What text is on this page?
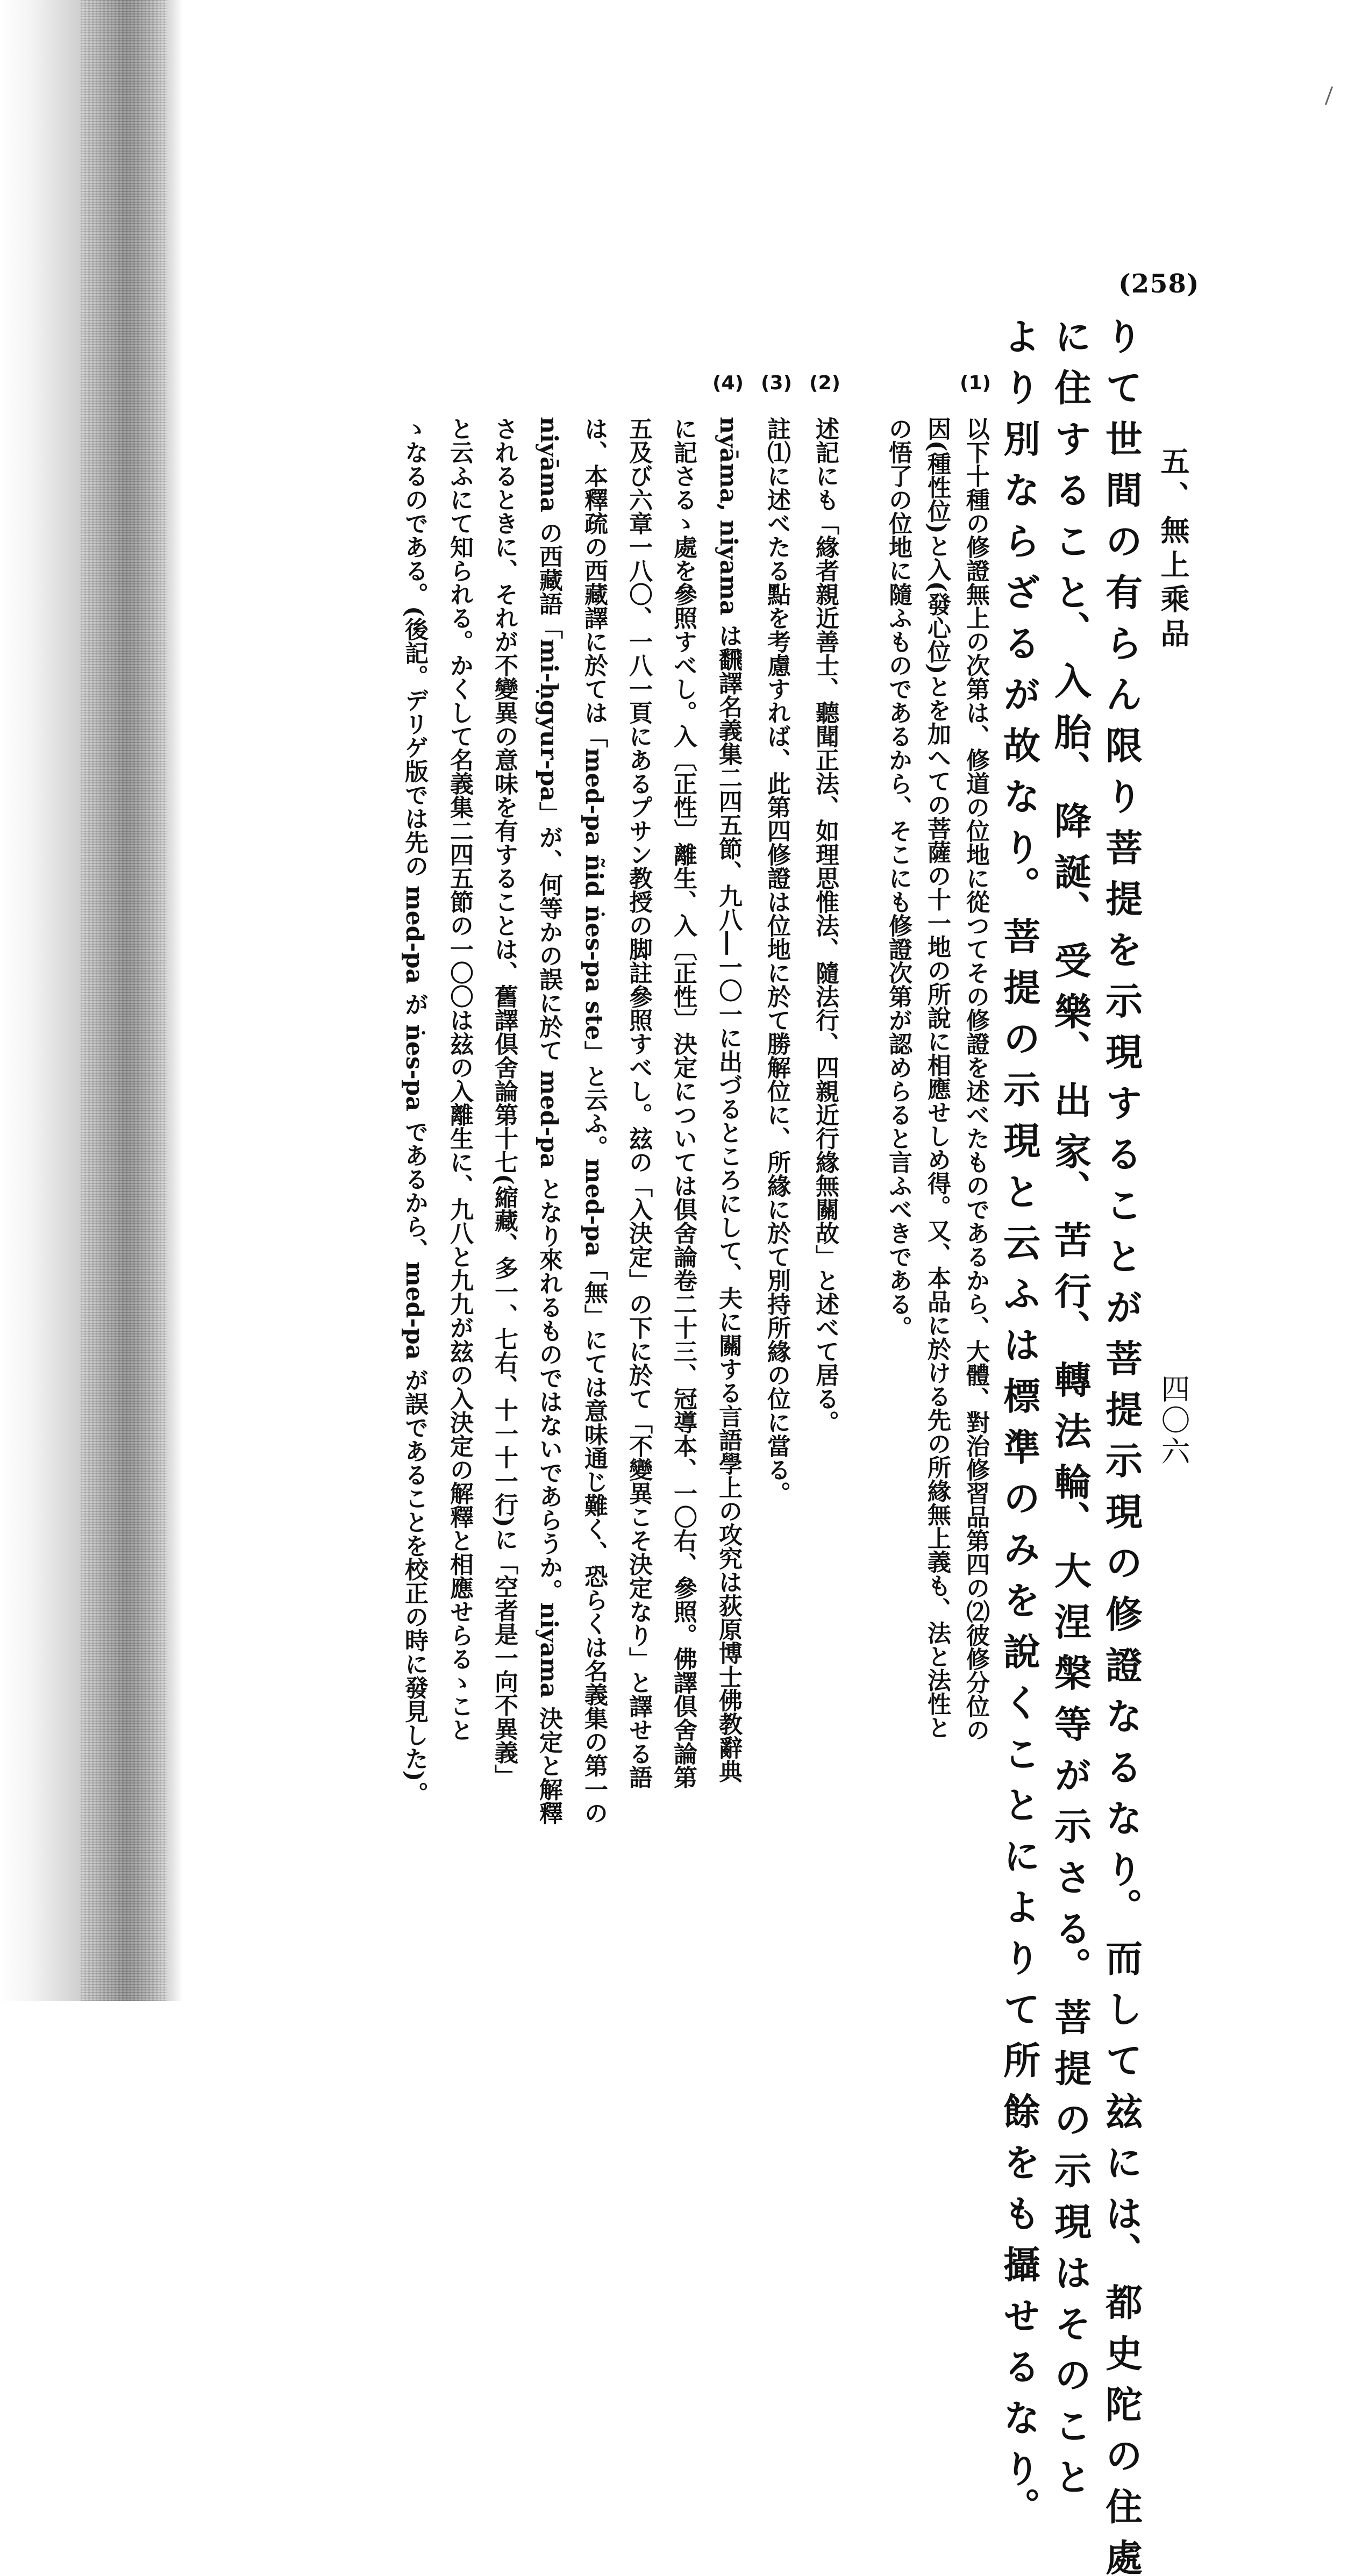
(258)
五、無上乘品
四〇六
り て 世 間 の 有 ら ん 限 り 菩 提 を 示 現 す る こ と が 菩 提 示 現 の 修 證 な る な り。 而 し て 玆 に は、 都 史 陀 の 住 處
に 住 す る こ と、 入 胎、 降 誕、 受 樂、 出 家、 苦 行、 轉 法 輪、 大 涅 槃 等 が 示 さ る。 菩 提 の 示 現 は そ の こ と
よ り 別 な ら ざ る が 故 な り。 菩 提 の 示 現 と 云 ふ は 標 準 の み を 說 く こ と に よ り て 所 餘 を も 攝 せ る な り。
(1)
以下十種の修證無上の次第は、修道の位地に從つてその修證を述べたものであるから、大體、對治修習品第四の⑵彼修分位の
因(種性位)と入(發心位)とを加へての菩薩の十一地の所說に相應せしめ得。又、本品に於ける先の所緣無上義も、法と法性と
の悟了の位地に隨ふものであるから、そこにも修證次第が認めらると言ふべきである。
(2)
述記にも「緣者親近善士、聽聞正法、如理思惟法、隨法行、四親近行緣無關故」と述べて居る。
(3)
註⑴に述べたる點を考慮すれば、此第四修證は位地に於て勝解位に、所緣に於て別持所緣の位に當る。
(4)
nyāma, niyama は飜譯名義集二四五節、九八―一〇一に出づるところにして、夫に關する言語學上の攻究は荻原博士佛教辭典
に記さるゝ處を參照すべし。入〔正性〕離生、入〔正性〕決定については倶舍論卷二十三、冠導本、一〇右、參照。佛譯倶舍論第
五及び六章一八〇、一八一頁にあるプサン教授の脚註參照すべし。玆の「入決定」の下に於て「不變異こそ決定なり」と譯せる語
は、本釋疏の西藏譯に於ては「med-pa ñid ṅes-pa ste」と云ふ。med-pa「無」にては意味通じ難く、恐らくは名義集の第一の
niyāma の西藏語「mi-ḥgyur-pa」が、何等かの誤に於て med-pa となり來れるものではないであらうか。niyama 決定と解釋
されるときに、それが不變異の意味を有することは、舊譯倶舍論第十七(縮藏、多一、七右、十一十一行)に「空者是一向不異義」
と云ふにて知られる。かくして名義集二四五節の一〇〇は玆の入離生に、九八と九九が玆の入決定の解釋と相應せらるゝこと
ゝなるのである。(後記。デリゲ版では先の med-pa が ṅes-pa であるから、med-pa が誤であることを校正の時に發見した)。
